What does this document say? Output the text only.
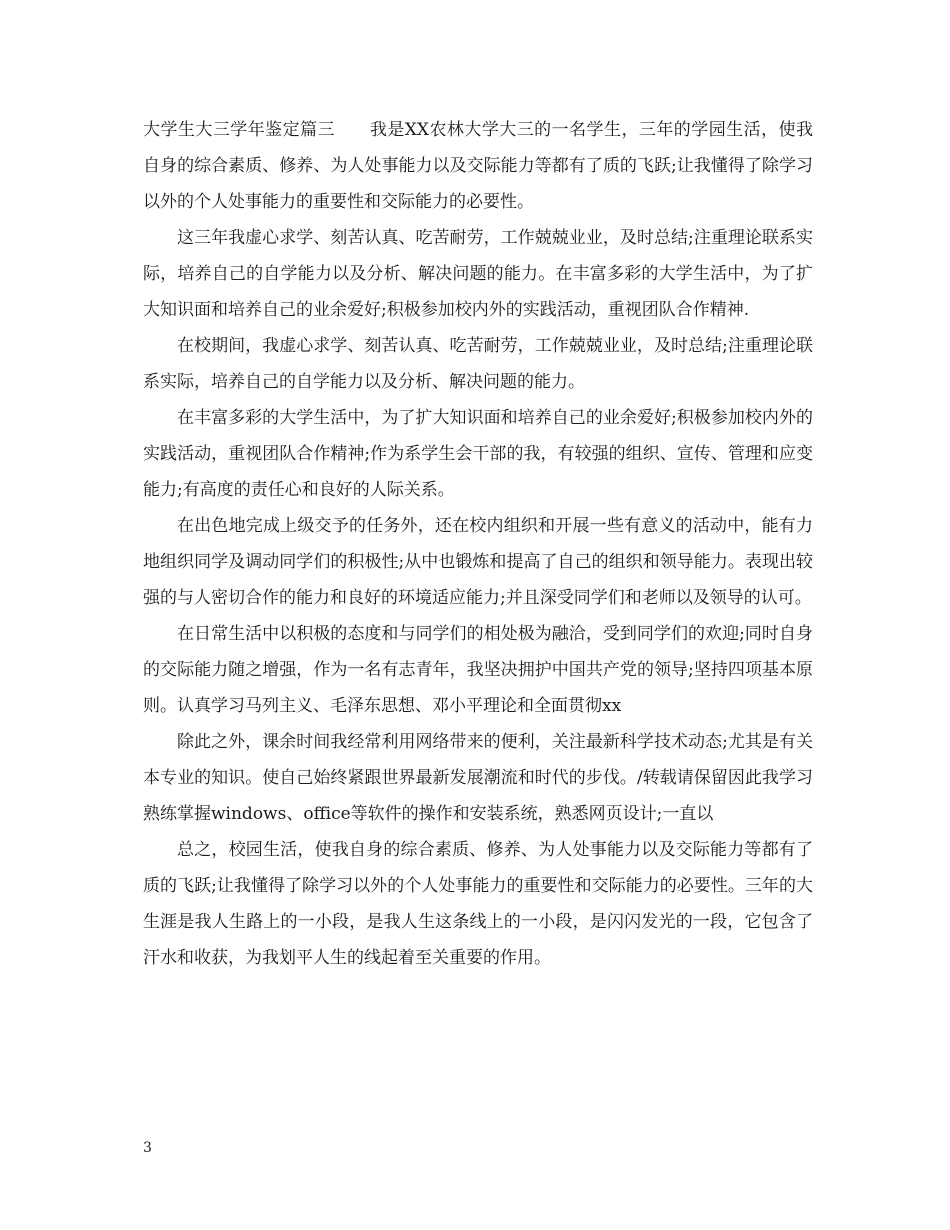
大学生大三学年鉴定篇三　　我是XX农林大学大三的一名学生，三年的学园生活，使我自身的综合素质、修养、为人处事能力以及交际能力等都有了质的飞跃;让我懂得了除学习以外的个人处事能力的重要性和交际能力的必要性。

这三年我虚心求学、刻苦认真、吃苦耐劳，工作兢兢业业，及时总结;注重理论联系实际，培养自己的自学能力以及分析、解决问题的能力。在丰富多彩的大学生活中，为了扩大知识面和培养自己的业余爱好;积极参加校内外的实践活动，重视团队合作精神.

在校期间，我虚心求学、刻苦认真、吃苦耐劳，工作兢兢业业，及时总结;注重理论联系实际，培养自己的自学能力以及分析、解决问题的能力。

在丰富多彩的大学生活中，为了扩大知识面和培养自己的业余爱好;积极参加校内外的实践活动，重视团队合作精神;作为系学生会干部的我，有较强的组织、宣传、管理和应变能力;有高度的责任心和良好的人际关系。

在出色地完成上级交予的任务外，还在校内组织和开展一些有意义的活动中，能有力地组织同学及调动同学们的积极性;从中也锻炼和提高了自己的组织和领导能力。表现出较强的与人密切合作的能力和良好的环境适应能力;并且深受同学们和老师以及领导的认可。

在日常生活中以积极的态度和与同学们的相处极为融洽，受到同学们的欢迎;同时自身的交际能力随之增强，作为一名有志青年，我坚决拥护中国共产党的领导;坚持四项基本原则。认真学习马列主义、毛泽东思想、邓小平理论和全面贯彻xx

除此之外，课余时间我经常利用网络带来的便利，关注最新科学技术动态;尤其是有关本专业的知识。使自己始终紧跟世界最新发展潮流和时代的步伐。/转载请保留因此我学习熟练掌握windows、office等软件的操作和安装系统，熟悉网页设计;一直以

总之，校园生活，使我自身的综合素质、修养、为人处事能力以及交际能力等都有了质的飞跃;让我懂得了除学习以外的个人处事能力的重要性和交际能力的必要性。三年的大生涯是我人生路上的一小段，是我人生这条线上的一小段，是闪闪发光的一段，它包含了汗水和收获，为我划平人生的线起着至关重要的作用。

3
